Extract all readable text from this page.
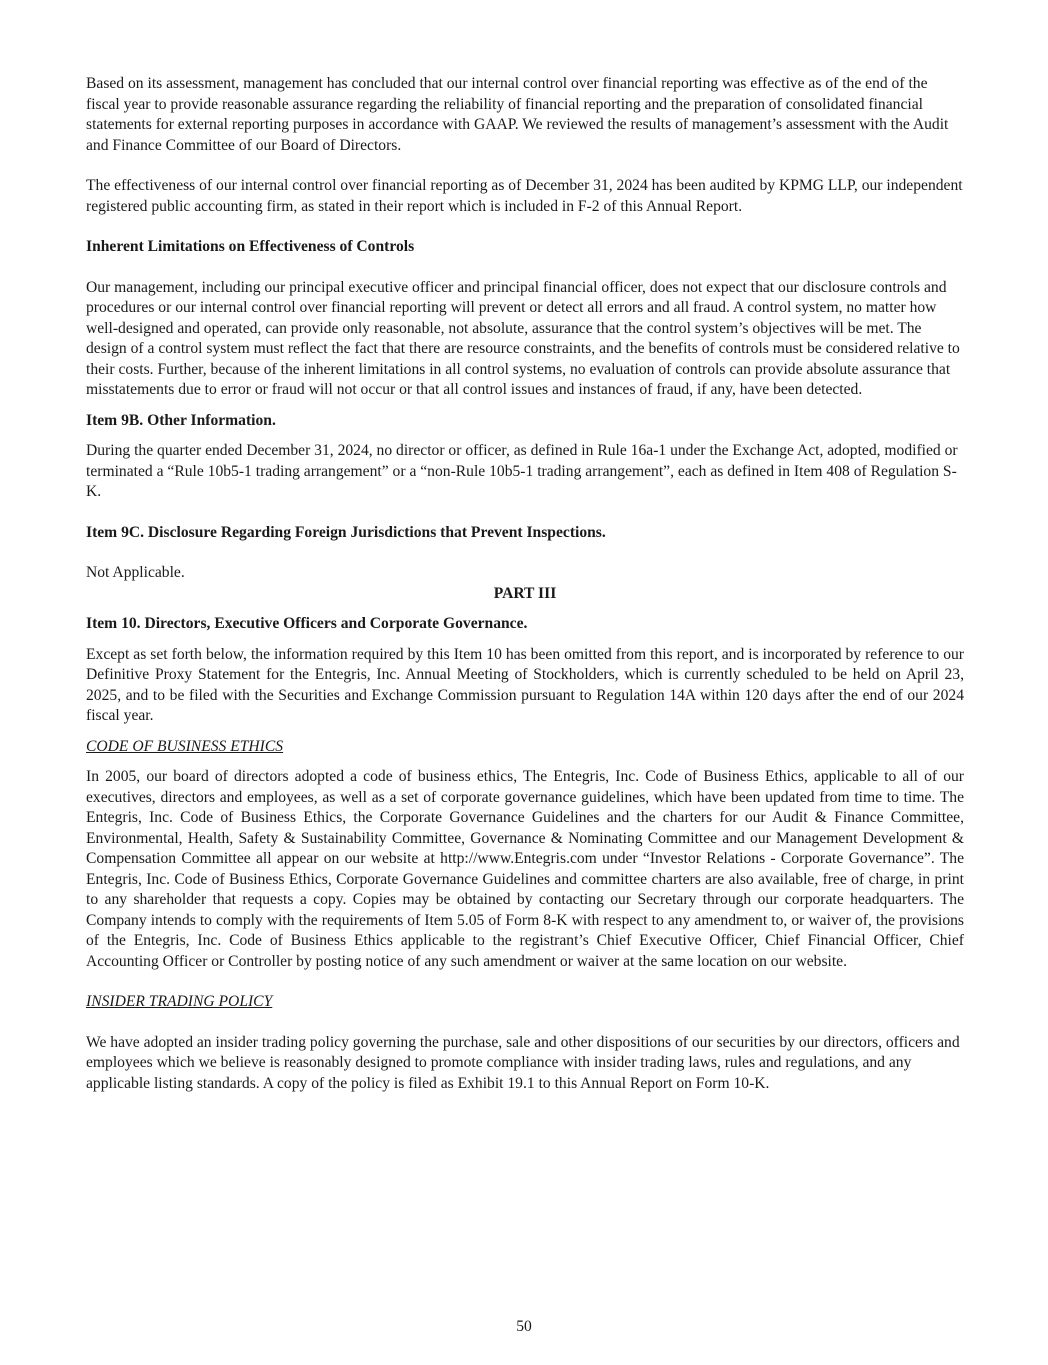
Based on its assessment, management has concluded that our internal control over financial reporting was effective as of the end of the fiscal year to provide reasonable assurance regarding the reliability of financial reporting and the preparation of consolidated financial statements for external reporting purposes in accordance with GAAP. We reviewed the results of management’s assessment with the Audit and Finance Committee of our Board of Directors.

The effectiveness of our internal control over financial reporting as of December 31, 2024 has been audited by KPMG LLP, our independent registered public accounting firm, as stated in their report which is included in F-2 of this Annual Report.

Inherent Limitations on Effectiveness of Controls

Our management, including our principal executive officer and principal financial officer, does not expect that our disclosure controls and procedures or our internal control over financial reporting will prevent or detect all errors and all fraud. A control system, no matter how well-designed and operated, can provide only reasonable, not absolute, assurance that the control system’s objectives will be met. The design of a control system must reflect the fact that there are resource constraints, and the benefits of controls must be considered relative to their costs. Further, because of the inherent limitations in all control systems, no evaluation of controls can provide absolute assurance that misstatements due to error or fraud will not occur or that all control issues and instances of fraud, if any, have been detected.

Item 9B. Other Information.

During the quarter ended December 31, 2024, no director or officer, as defined in Rule 16a-1 under the Exchange Act, adopted, modified or terminated a “Rule 10b5-1 trading arrangement” or a “non-Rule 10b5-1 trading arrangement”, each as defined in Item 408 of Regulation S-K.

Item 9C. Disclosure Regarding Foreign Jurisdictions that Prevent Inspections.

Not Applicable.

PART III

Item 10. Directors, Executive Officers and Corporate Governance.

Except as set forth below, the information required by this Item 10 has been omitted from this report, and is incorporated by reference to our Definitive Proxy Statement for the Entegris, Inc. Annual Meeting of Stockholders, which is currently scheduled to be held on April 23, 2025, and to be filed with the Securities and Exchange Commission pursuant to Regulation 14A within 120 days after the end of our 2024 fiscal year.

CODE OF BUSINESS ETHICS

In 2005, our board of directors adopted a code of business ethics, The Entegris, Inc. Code of Business Ethics, applicable to all of our executives, directors and employees, as well as a set of corporate governance guidelines, which have been updated from time to time. The Entegris, Inc. Code of Business Ethics, the Corporate Governance Guidelines and the charters for our Audit & Finance Committee, Environmental, Health, Safety & Sustainability Committee, Governance & Nominating Committee and our Management Development & Compensation Committee all appear on our website at http://www.Entegris.com under “Investor Relations - Corporate Governance”. The Entegris, Inc. Code of Business Ethics, Corporate Governance Guidelines and committee charters are also available, free of charge, in print to any shareholder that requests a copy. Copies may be obtained by contacting our Secretary through our corporate headquarters. The Company intends to comply with the requirements of Item 5.05 of Form 8-K with respect to any amendment to, or waiver of, the provisions of the Entegris, Inc. Code of Business Ethics applicable to the registrant’s Chief Executive Officer, Chief Financial Officer, Chief Accounting Officer or Controller by posting notice of any such amendment or waiver at the same location on our website.

INSIDER TRADING POLICY

We have adopted an insider trading policy governing the purchase, sale and other dispositions of our securities by our directors, officers and employees which we believe is reasonably designed to promote compliance with insider trading laws, rules and regulations, and any applicable listing standards. A copy of the policy is filed as Exhibit 19.1 to this Annual Report on Form 10-K.

50
